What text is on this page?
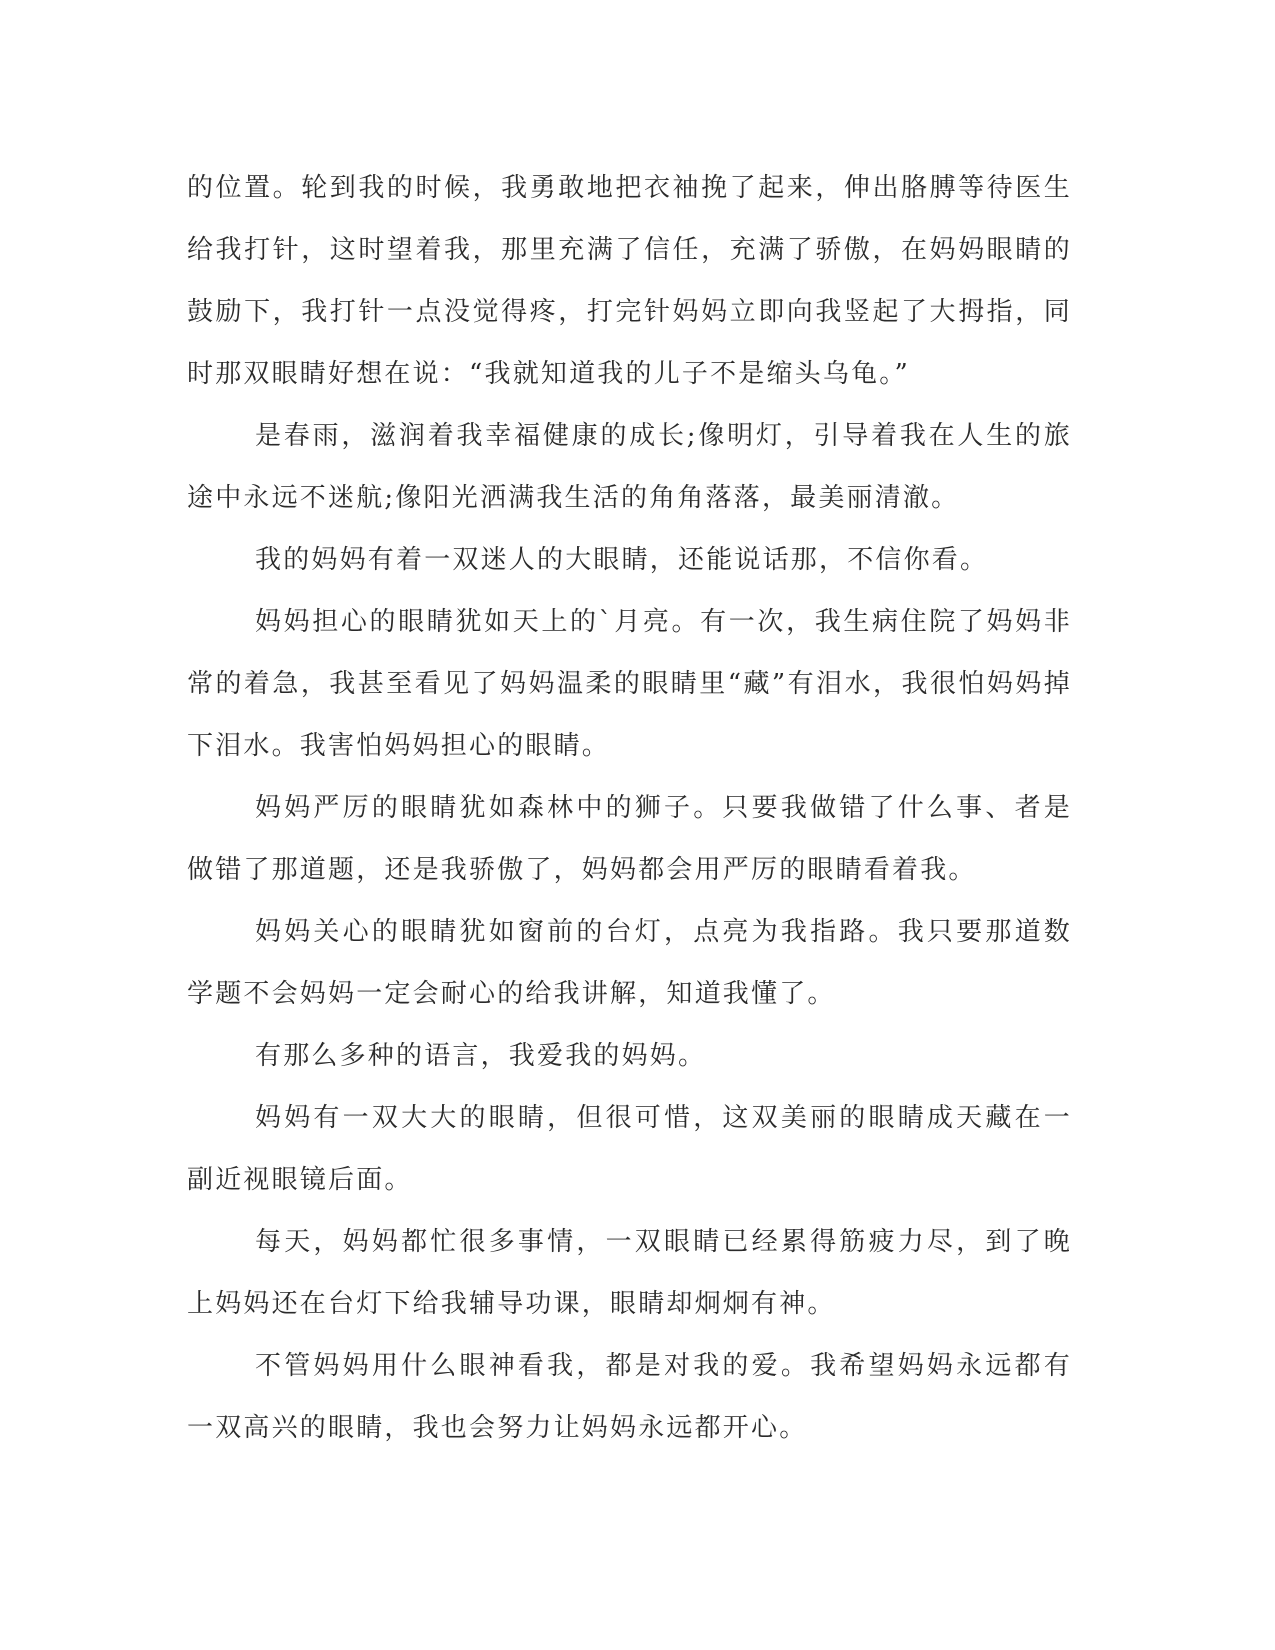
的位置。轮到我的时候，我勇敢地把衣袖挽了起来，伸出胳膊等待医生给我打针，这时望着我，那里充满了信任，充满了骄傲，在妈妈眼睛的鼓励下，我打针一点没觉得疼，打完针妈妈立即向我竖起了大拇指，同时那双眼睛好想在说：“我就知道我的儿子不是缩头乌龟。”

是春雨，滋润着我幸福健康的成长;像明灯，引导着我在人生的旅途中永远不迷航;像阳光洒满我生活的角角落落，最美丽清澈。

我的妈妈有着一双迷人的大眼睛，还能说话那，不信你看。

妈妈担心的眼睛犹如天上的`月亮。有一次，我生病住院了妈妈非常的着急，我甚至看见了妈妈温柔的眼睛里“藏”有泪水，我很怕妈妈掉下泪水。我害怕妈妈担心的眼睛。

妈妈严厉的眼睛犹如森林中的狮子。只要我做错了什么事、者是做错了那道题，还是我骄傲了，妈妈都会用严厉的眼睛看着我。

妈妈关心的眼睛犹如窗前的台灯，点亮为我指路。我只要那道数学题不会妈妈一定会耐心的给我讲解，知道我懂了。

有那么多种的语言，我爱我的妈妈。

妈妈有一双大大的眼睛，但很可惜，这双美丽的眼睛成天藏在一副近视眼镜后面。

每天，妈妈都忙很多事情，一双眼睛已经累得筋疲力尽，到了晚上妈妈还在台灯下给我辅导功课，眼睛却炯炯有神。

不管妈妈用什么眼神看我，都是对我的爱。我希望妈妈永远都有一双高兴的眼睛，我也会努力让妈妈永远都开心。
